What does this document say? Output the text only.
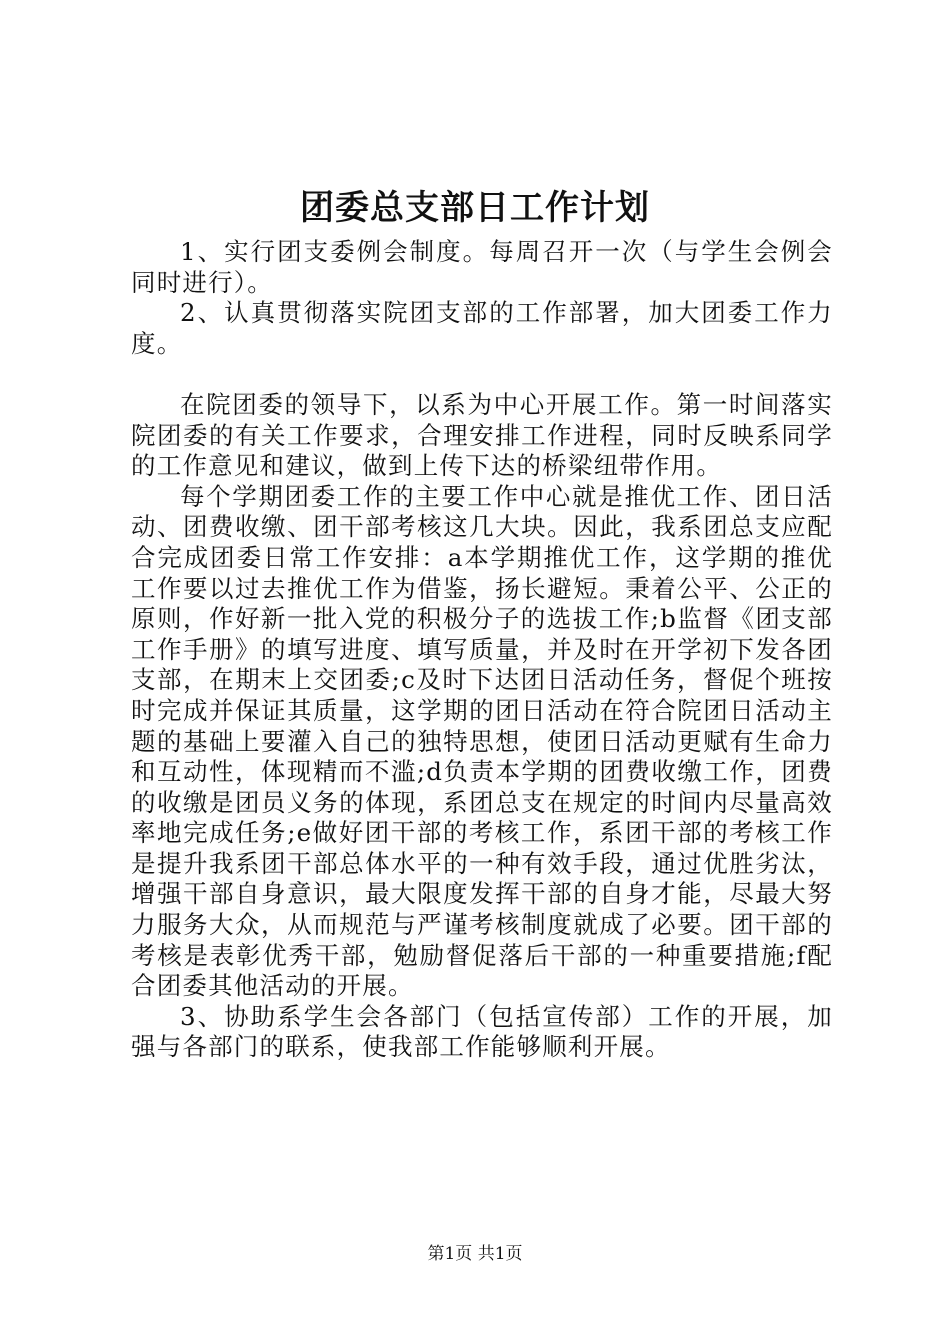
团委总支部日工作计划

1、实行团支委例会制度。每周召开一次（与学生会例会同时进行）。

2、认真贯彻落实院团支部的工作部署，加大团委工作力度。

在院团委的领导下，以系为中心开展工作。第一时间落实院团委的有关工作要求，合理安排工作进程，同时反映系同学的工作意见和建议，做到上传下达的桥梁纽带作用。

每个学期团委工作的主要工作中心就是推优工作、团日活动、团费收缴、团干部考核这几大块。因此，我系团总支应配合完成团委日常工作安排：a本学期推优工作，这学期的推优工作要以过去推优工作为借鉴，扬长避短。秉着公平、公正的原则，作好新一批入党的积极分子的选拔工作;b监督《团支部工作手册》的填写进度、填写质量，并及时在开学初下发各团支部，在期末上交团委;c及时下达团日活动任务，督促个班按时完成并保证其质量，这学期的团日活动在符合院团日活动主题的基础上要灌入自己的独特思想，使团日活动更赋有生命力和互动性，体现精而不滥;d负责本学期的团费收缴工作，团费的收缴是团员义务的体现，系团总支在规定的时间内尽量高效率地完成任务;e做好团干部的考核工作，系团干部的考核工作是提升我系团干部总体水平的一种有效手段，通过优胜劣汰，增强干部自身意识，最大限度发挥干部的自身才能，尽最大努力服务大众，从而规范与严谨考核制度就成了必要。团干部的考核是表彰优秀干部，勉励督促落后干部的一种重要措施;f配合团委其他活动的开展。

3、协助系学生会各部门（包括宣传部）工作的开展，加强与各部门的联系，使我部工作能够顺利开展。

第1页 共1页
